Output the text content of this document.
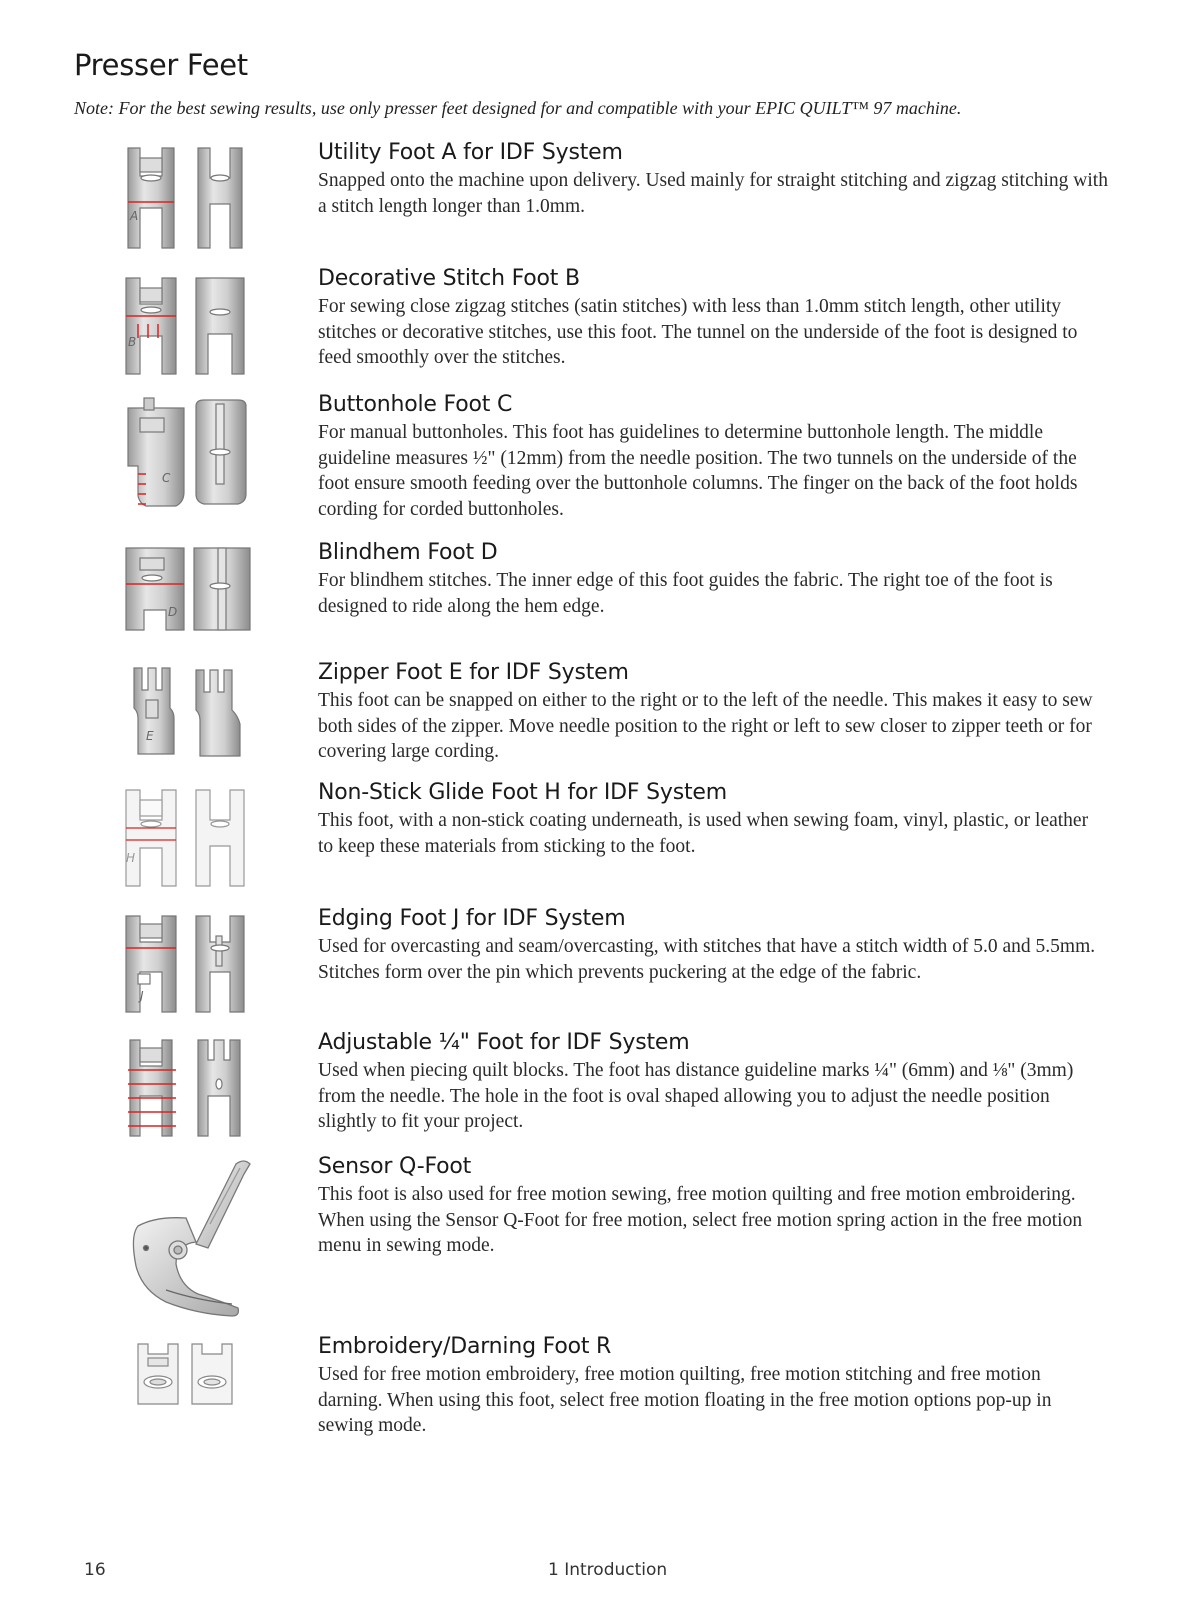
Presser Feet

Note: For the best sewing results, use only presser feet designed for and compatible with your EPIC QUILT™ 97 machine.

A
Utility Foot A for IDF System

Snapped onto the machine upon delivery. Used mainly for straight stitching and zigzag stitching with a stitch length longer than 1.0mm.

B
Decorative Stitch Foot B

For sewing close zigzag stitches (satin stitches) with less than 1.0mm stitch length, other utility stitches or decorative stitches, use this foot. The tunnel on the underside of the foot is designed to feed smoothly over the stitches.

C
Buttonhole Foot C

For manual buttonholes. This foot has guidelines to determine buttonhole length. The middle guideline measures ½" (12mm) from the needle position. The two tunnels on the underside of the foot ensure smooth feeding over the buttonhole columns. The finger on the back of the foot holds cording for corded buttonholes.

D
Blindhem Foot D

For blindhem stitches. The inner edge of this foot guides the fabric. The right toe of the foot is designed to ride along the hem edge.

E
Zipper Foot E for IDF System

This foot can be snapped on either to the right or to the left of the needle. This makes it easy to sew both sides of the zipper. Move needle position to the right or left to sew closer to zipper teeth or for covering large cording.

H
Non-Stick Glide Foot H for IDF System

This foot, with a non-stick coating underneath, is used when sewing foam, vinyl, plastic, or leather to keep these materials from sticking to the foot.

J
Edging Foot J for IDF System

Used for overcasting and seam/overcasting, with stitches that have a stitch width of 5.0 and 5.5mm. Stitches form over the pin which prevents puckering at the edge of the fabric.

Adjustable ¼" Foot for IDF System

Used when piecing quilt blocks. The foot has distance guideline marks ¼" (6mm) and ⅛" (3mm) from the needle. The hole in the foot is oval shaped allowing you to adjust the needle position slightly to fit your project.

Sensor Q-Foot

This foot is also used for free motion sewing, free motion quilting and free motion embroidering. When using the Sensor Q-Foot for free motion, select free motion spring action in the free motion menu in sewing mode.

Embroidery/Darning Foot R

Used for free motion embroidery, free motion quilting, free motion stitching and free motion darning. When using this foot, select free motion floating in the free motion options pop-up in sewing mode.

16	1 Introduction
